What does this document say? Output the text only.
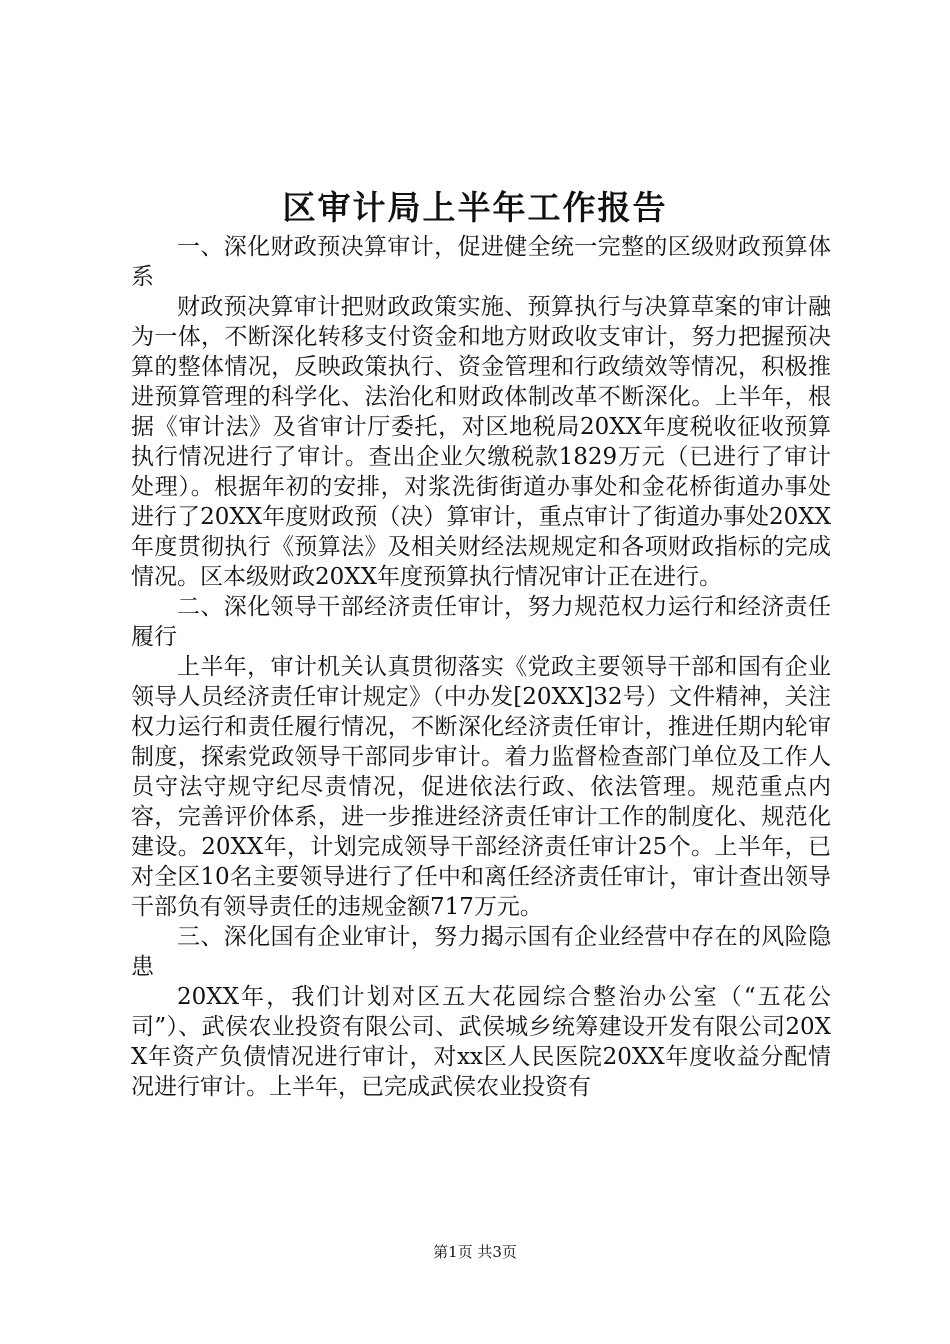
区审计局上半年工作报告

一、深化财政预决算审计，促进健全统一完整的区级财政预算体系

财政预决算审计把财政政策实施、预算执行与决算草案的审计融为一体，不断深化转移支付资金和地方财政收支审计，努力把握预决算的整体情况，反映政策执行、资金管理和行政绩效等情况，积极推进预算管理的科学化、法治化和财政体制改革不断深化。上半年，根据《审计法》及省审计厅委托，对区地税局20XX年度税收征收预算执行情况进行了审计。查出企业欠缴税款1829万元（已进行了审计处理）。根据年初的安排，对浆洗街街道办事处和金花桥街道办事处进行了20XX年度财政预（决）算审计，重点审计了街道办事处20XX年度贯彻执行《预算法》及相关财经法规规定和各项财政指标的完成情况。区本级财政20XX年度预算执行情况审计正在进行。

二、深化领导干部经济责任审计，努力规范权力运行和经济责任履行

上半年，审计机关认真贯彻落实《党政主要领导干部和国有企业领导人员经济责任审计规定》（中办发[20XX]32号）文件精神，关注权力运行和责任履行情况，不断深化经济责任审计，推进任期内轮审制度，探索党政领导干部同步审计。着力监督检查部门单位及工作人员守法守规守纪尽责情况，促进依法行政、依法管理。规范重点内容，完善评价体系，进一步推进经济责任审计工作的制度化、规范化建设。20XX年，计划完成领导干部经济责任审计25个。上半年，已对全区10名主要领导进行了任中和离任经济责任审计，审计查出领导干部负有领导责任的违规金额717万元。

三、深化国有企业审计，努力揭示国有企业经营中存在的风险隐患

20XX年，我们计划对区五大花园综合整治办公室（“五花公司”）、武侯农业投资有限公司、武侯城乡统筹建设开发有限公司20XX年资产负债情况进行审计，对xx区人民医院20XX年度收益分配情况进行审计。上半年，已完成武侯农业投资有

第1页 共3页
